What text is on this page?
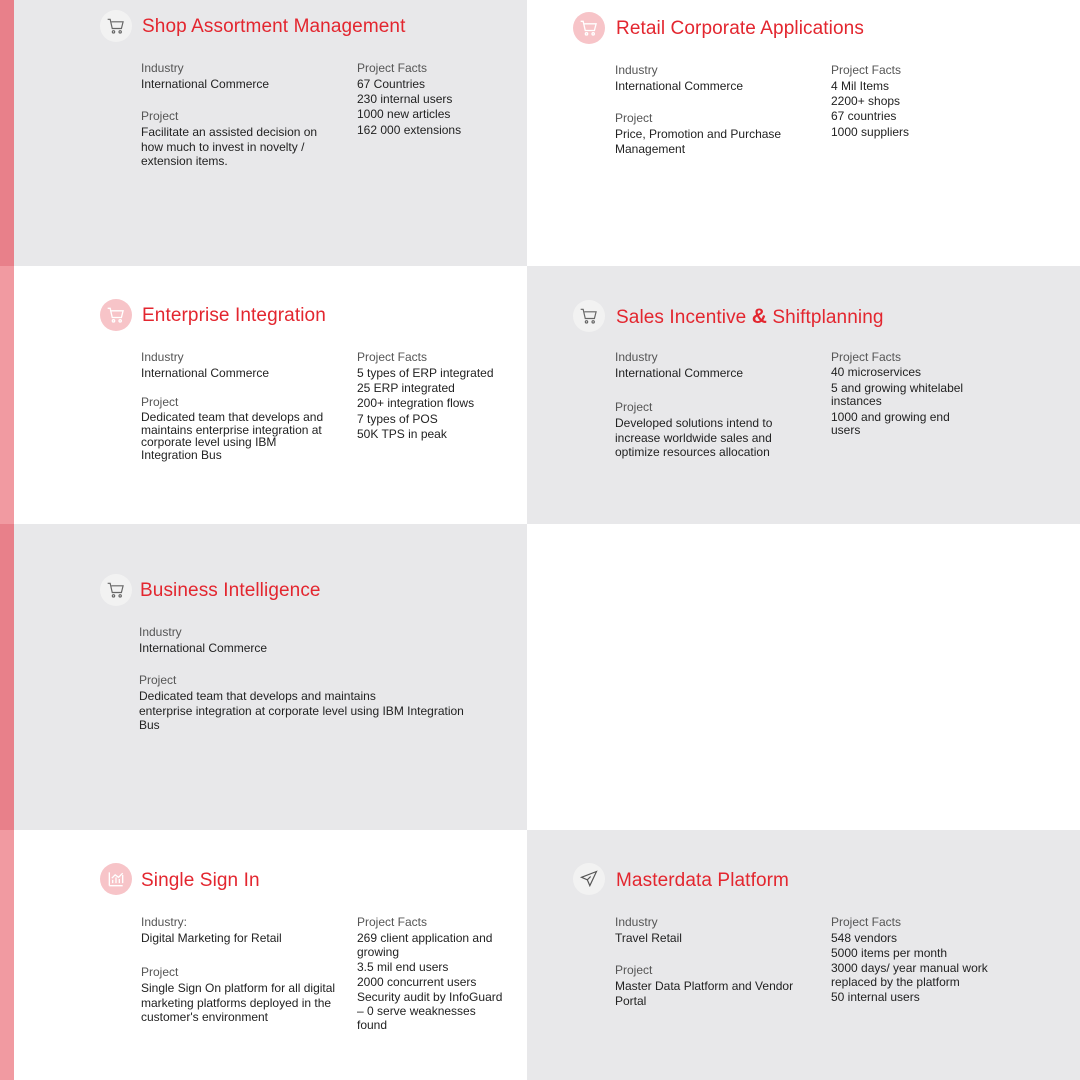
Shop Assortment Management
Industry
International Commerce
Project
Facilitate an assisted decision on how much to invest in novelty / extension items.
Project Facts
67 Countries
230 internal users
1000 new articles
162 000 extensions
Retail Corporate Applications
Industry
International Commerce
Project
Price, Promotion and Purchase Management
Project Facts
4 Mil Items
2200+ shops
67 countries
1000 suppliers
Enterprise Integration
Industry
International Commerce
Project
Dedicated team that develops and maintains enterprise integration at corporate level using IBM Integration Bus
Project Facts
5 types of ERP integrated
25 ERP integrated
200+ integration flows
7 types of POS
50K TPS in peak
Sales Incentive & Shiftplanning
Industry
International Commerce
Project
Developed solutions intend to increase worldwide sales and optimize resources allocation
Project Facts
40 microservices
5 and growing whitelabel instances
1000 and growing end users
Business Intelligence
Industry
International Commerce
Project
Dedicated team that develops and maintains
enterprise integration at corporate level using IBM Integration Bus
Single Sign In
Industry:
Digital Marketing for Retail
Project
Single Sign On platform for all digital marketing platforms deployed in the customer's environment
Project Facts
269 client application and growing
3.5 mil end users
2000 concurrent users
Security audit by InfoGuard – 0 serve weaknesses found
Masterdata Platform
Industry
Travel Retail
Project
Master Data Platform and Vendor Portal
Project Facts
548 vendors
5000 items per month
3000 days/ year manual work replaced by the platform
50 internal users
